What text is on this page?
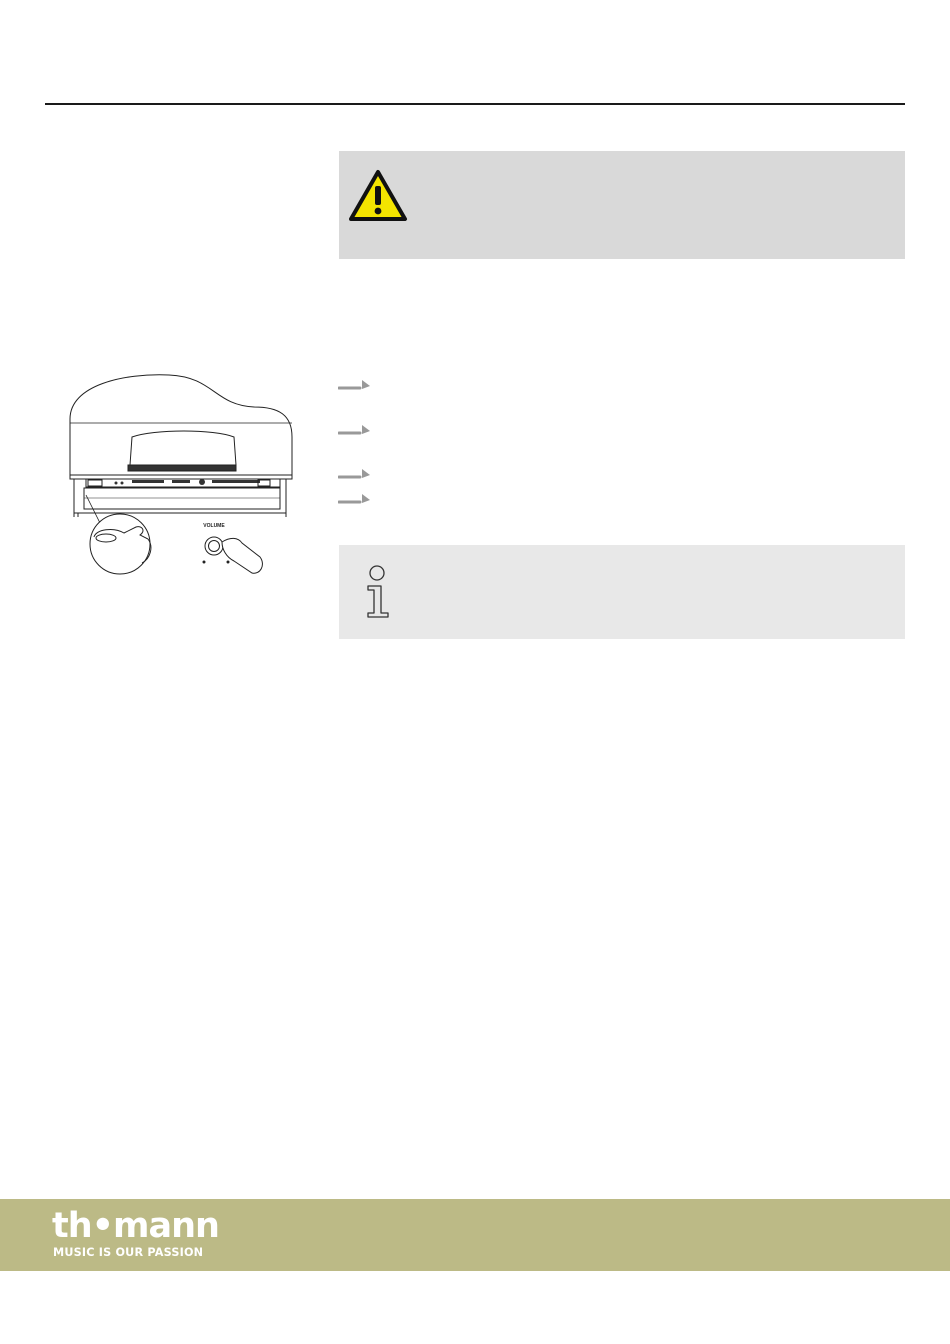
VOLUME
th•mann
MUSIC IS OUR PASSION
